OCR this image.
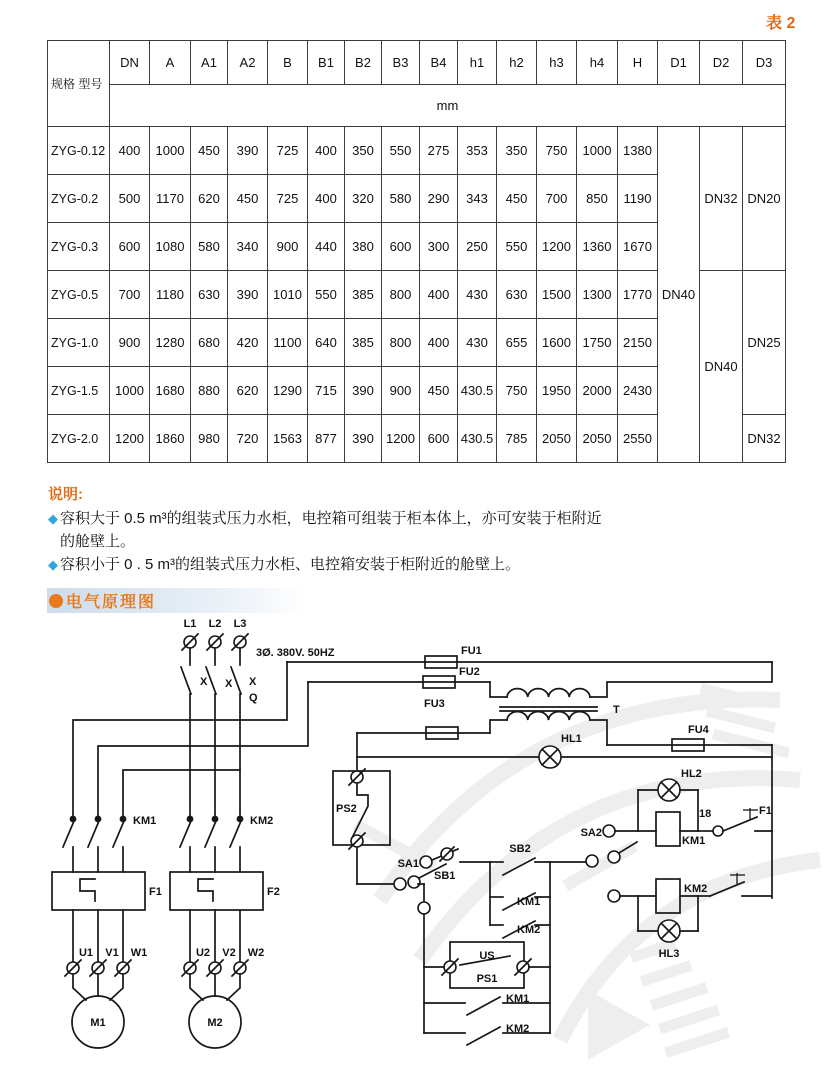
表 2
规格 型号	DN	A	A1	A2	B	B1	B2	B3	B4	h1	h2	h3	h4	H	D1	D2	D3
	mm																
ZYG-0.12	400	1000	450	390	725	400	350	550	275	353	350	750	1000	1380	DN40	DN32	DN20
ZYG-0.2	500	1170	620	450	725	400	320	580	290	343	450	700	850	1190			
ZYG-0.3	600	1080	580	340	900	440	380	600	300	250	550	1200	1360	1670			
ZYG-0.5	700	1180	630	390	1010	550	385	800	400	430	630	1500	1300	1770		DN40	DN25
ZYG-1.0	900	1280	680	420	1100	640	385	800	400	430	655	1600	1750	2150			
ZYG-1.5	1000	1680	880	620	1290	715	390	900	450	430.5	750	1950	2000	2430			
ZYG-2.0	1200	1860	980	720	1563	877	390	1200	600	430.5	785	2050	2050	2550			DN32
说明:
◆ 容积大于 0.5 m³的组装式压力水柜，电控箱可组装于柜本体上，亦可安装于柜附近
的舱壁上。
◆ 容积小于 0 . 5 m³的组装式压力水柜、电控箱安装于柜附近的舱壁上。
电气原理图
L1 L2 L3
3Ø. 380V. 50HZ
X X X
Q
KM1	KM2
F1	F2
U1 V1 W1
M1
U2 V2 W2
M2
FU1
FU2
T
FU3
FU4
HL1
PS2
SB1
SA1
SB2
KM1
KM2
US
PS1
KM1
KM2
SA2
HL2
KM1
18	F1
KM2
HL3
